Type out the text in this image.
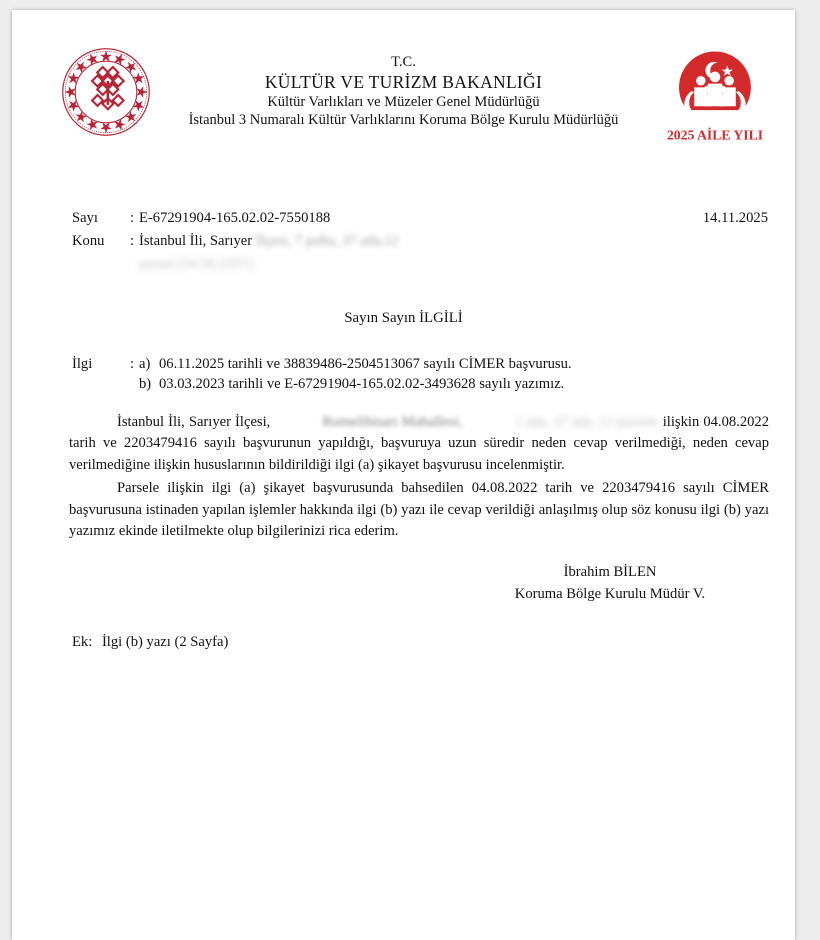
T.C.
KÜLTÜR VE TURİZM BAKANLIĞI
Kültür Varlıkları ve Müzeler Genel Müdürlüğü
İstanbul 3 Numaralı Kültür Varlıklarını Koruma Bölge Kurulu Müdürlüğü
2025 AİLE YILI
14.11.2025
Sayı	: E-67291904-165.02.02-7550188
Konu	: İstanbul İli, Sarıyer İlçesi, 7 pafta, 37 ada,12
parsel (34.30.2357)
Sayın Sayın İLGİLİ
İlgi	: a) 06.11.2025 tarihli ve 38839486-2504513067 sayılı CİMER başvurusu.
b) 03.03.2023 tarihli ve E-67291904-165.02.02-3493628 sayılı yazımız.

İstanbul İli, Sarıyer İlçesi,	Rumelihisarı Mahallesi,	1 ada, 37 ada, 12 parsele ilişkin 04.08.2022 tarih ve 2203479416 sayılı başvurunun yapıldığı, başvuruya uzun süredir neden cevap verilmediği, neden cevap verilmediğine ilişkin hususlarının bildirildiği ilgi (a) şikayet başvurusu incelenmiştir.

Parsele ilişkin ilgi (a) şikayet başvurusunda bahsedilen 04.08.2022 tarih ve 2203479416 sayılı CİMER başvurusuna istinaden yapılan işlemler hakkında ilgi (b) yazı ile cevap verildiği anlaşılmış olup söz konusu ilgi (b) yazı yazımız ekinde iletilmekte olup bilgilerinizi rica ederim.

İbrahim BİLEN
Koruma Bölge Kurulu Müdür V.
Ek: İlgi (b) yazı (2 Sayfa)
